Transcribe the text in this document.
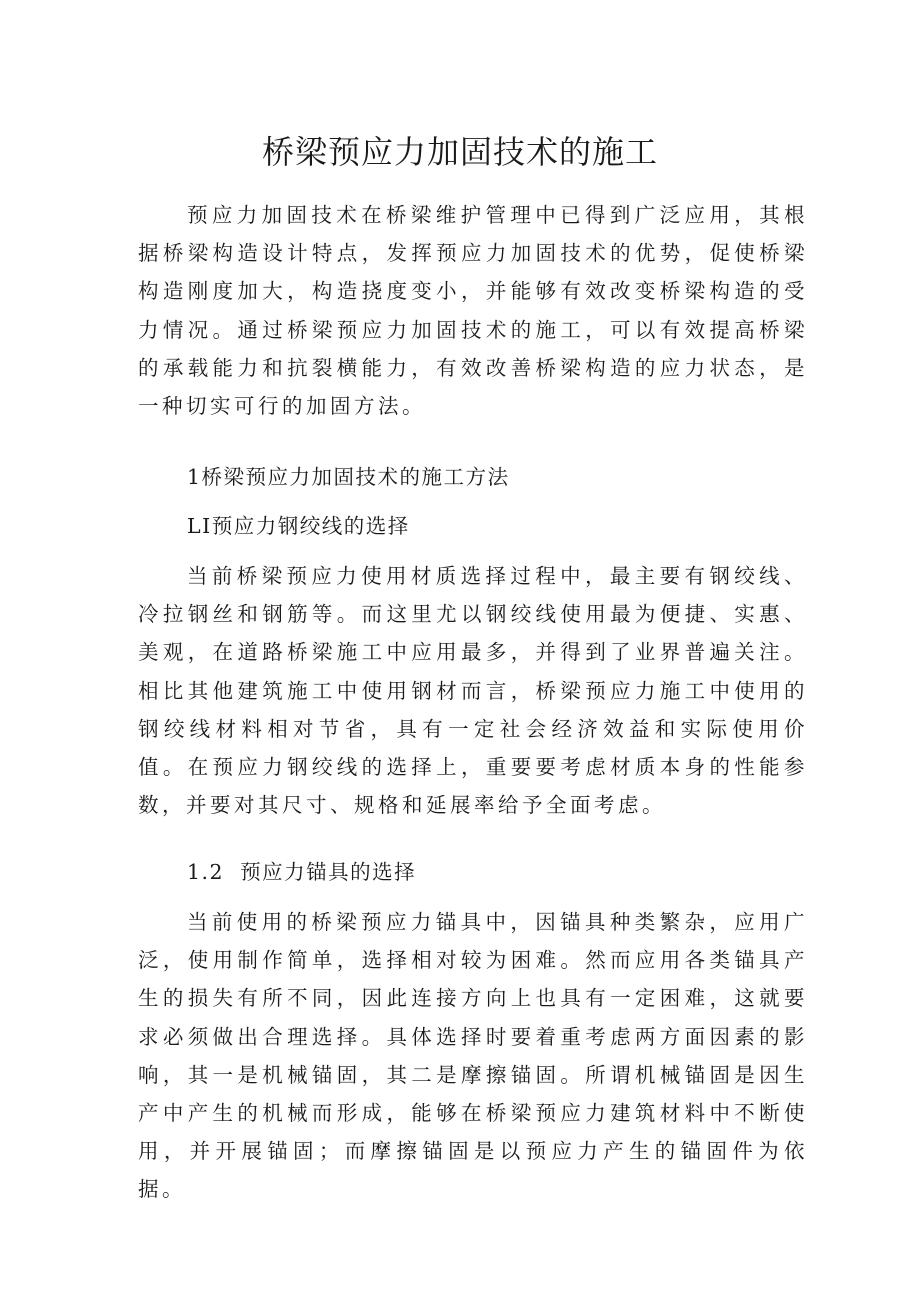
桥梁预应力加固技术的施工

预应力加固技术在桥梁维护管理中已得到广泛应用，其根据桥梁构造设计特点，发挥预应力加固技术的优势，促使桥梁构造刚度加大，构造挠度变小，并能够有效改变桥梁构造的受力情况。通过桥梁预应力加固技术的施工，可以有效提高桥梁的承载能力和抗裂横能力，有效改善桥梁构造的应力状态，是一种切实可行的加固方法。

1桥梁预应力加固技术的施工方法
LI预应力钢绞线的选择

当前桥梁预应力使用材质选择过程中，最主要有钢绞线、冷拉钢丝和钢筋等。而这里尤以钢绞线使用最为便捷、实惠、美观，在道路桥梁施工中应用最多，并得到了业界普遍关注。相比其他建筑施工中使用钢材而言，桥梁预应力施工中使用的钢绞线材料相对节省，具有一定社会经济效益和实际使用价值。在预应力钢绞线的选择上，重要要考虑材质本身的性能参数，并要对其尺寸、规格和延展率给予全面考虑。

1.2  预应力锚具的选择

当前使用的桥梁预应力锚具中，因锚具种类繁杂，应用广泛，使用制作简单，选择相对较为困难。然而应用各类锚具产生的损失有所不同，因此连接方向上也具有一定困难，这就要求必须做出合理选择。具体选择时要着重考虑两方面因素的影响，其一是机械锚固，其二是摩擦锚固。所谓机械锚固是因生产中产生的机械而形成，能够在桥梁预应力建筑材料中不断使用，并开展锚固；而摩擦锚固是以预应力产生的锚固件为依据。
